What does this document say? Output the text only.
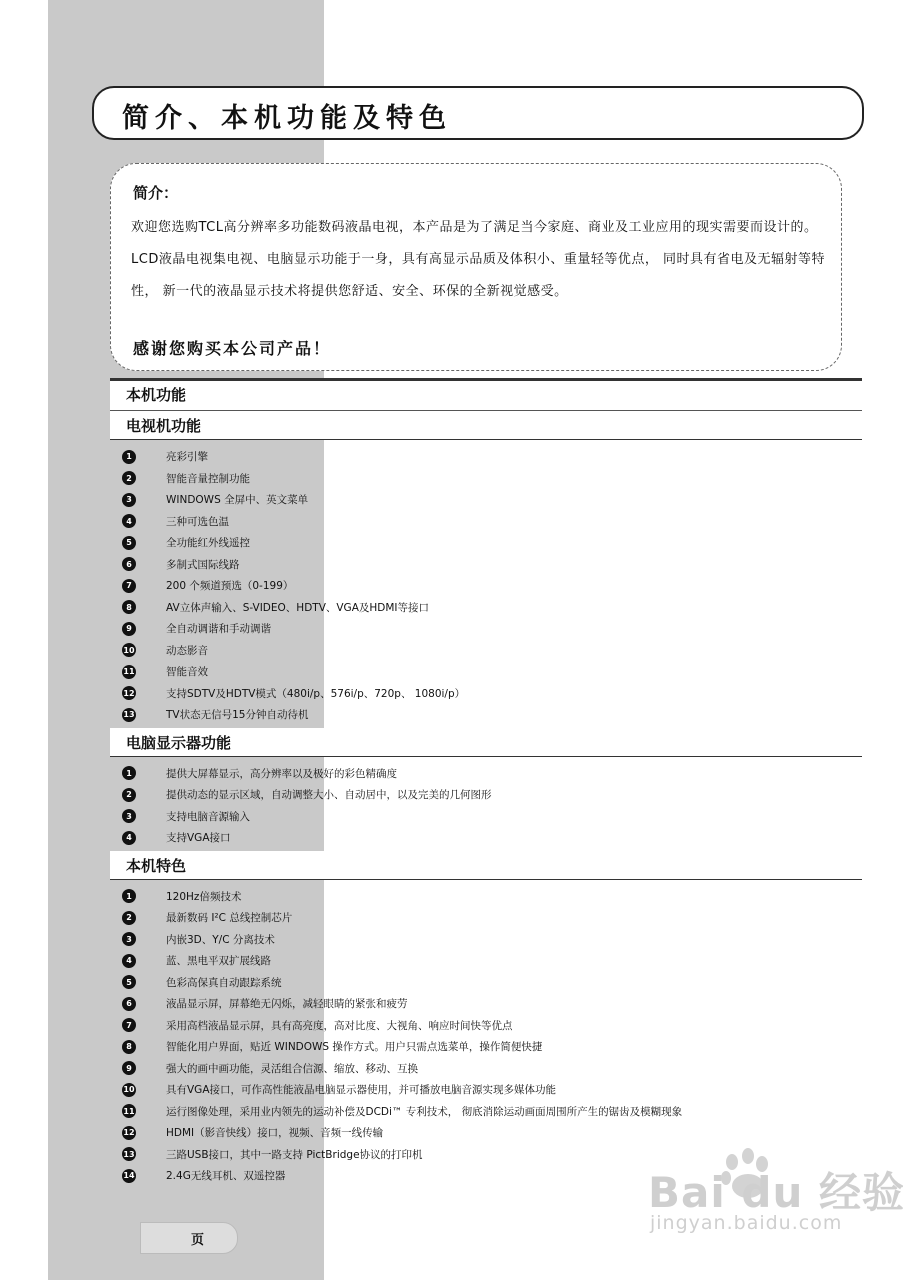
简介、本机功能及特色
简介：
欢迎您选购TCL高分辨率多功能数码液晶电视，本产品是为了满足当今家庭、商业及工业应用的现实需要而设计的。LCD液晶电视集电视、电脑显示功能于一身，具有高显示品质及体积小、重量轻等优点， 同时具有省电及无辐射等特性， 新一代的液晶显示技术将提供您舒适、安全、环保的全新视觉感受。
感谢您购买本公司产品！
本机功能
电视机功能
1	亮彩引擎
2	智能音量控制功能
3	WINDOWS 全屏中、英文菜单
4	三种可选色温
5	全功能红外线遥控
6	多制式国际线路
7	200 个频道预选（0-199）
8	AV立体声输入、S-VIDEO、HDTV、VGA及HDMI等接口
9	全自动调谐和手动调谐
10	动态影音
11	智能音效
12	支持SDTV及HDTV模式（480i/p、576i/p、720p、 1080i/p）
13	TV状态无信号15分钟自动待机
电脑显示器功能
1	提供大屏幕显示，高分辨率以及极好的彩色精确度
2	提供动态的显示区域，自动调整大小、自动居中，以及完美的几何图形
3	支持电脑音源输入
4	支持VGA接口
本机特色
1	120Hz倍频技术
2	最新数码 I²C 总线控制芯片
3	内嵌3D、Y/C 分离技术
4	蓝、黑电平双扩展线路
5	色彩高保真自动跟踪系统
6	液晶显示屏，屏幕绝无闪烁，减轻眼睛的紧张和疲劳
7	采用高档液晶显示屏，具有高亮度，高对比度、大视角、响应时间快等优点
8	智能化用户界面，贴近 WINDOWS 操作方式。用户只需点选菜单，操作简便快捷
9	强大的画中画功能，灵活组合信源、缩放、移动、互换
10	具有VGA接口，可作高性能液晶电脑显示器使用，并可播放电脑音源实现多媒体功能
11	运行图像处理，采用业内领先的运动补偿及DCDi™ 专利技术， 彻底消除运动画面周围所产生的锯齿及模糊现象
12	HDMI（影音快线）接口，视频、音频一线传输
13	三路USB接口，其中一路支持 PictBridge协议的打印机
14	2.4G无线耳机、双遥控器
页
Bai du 经验
jingyan.baidu.com
